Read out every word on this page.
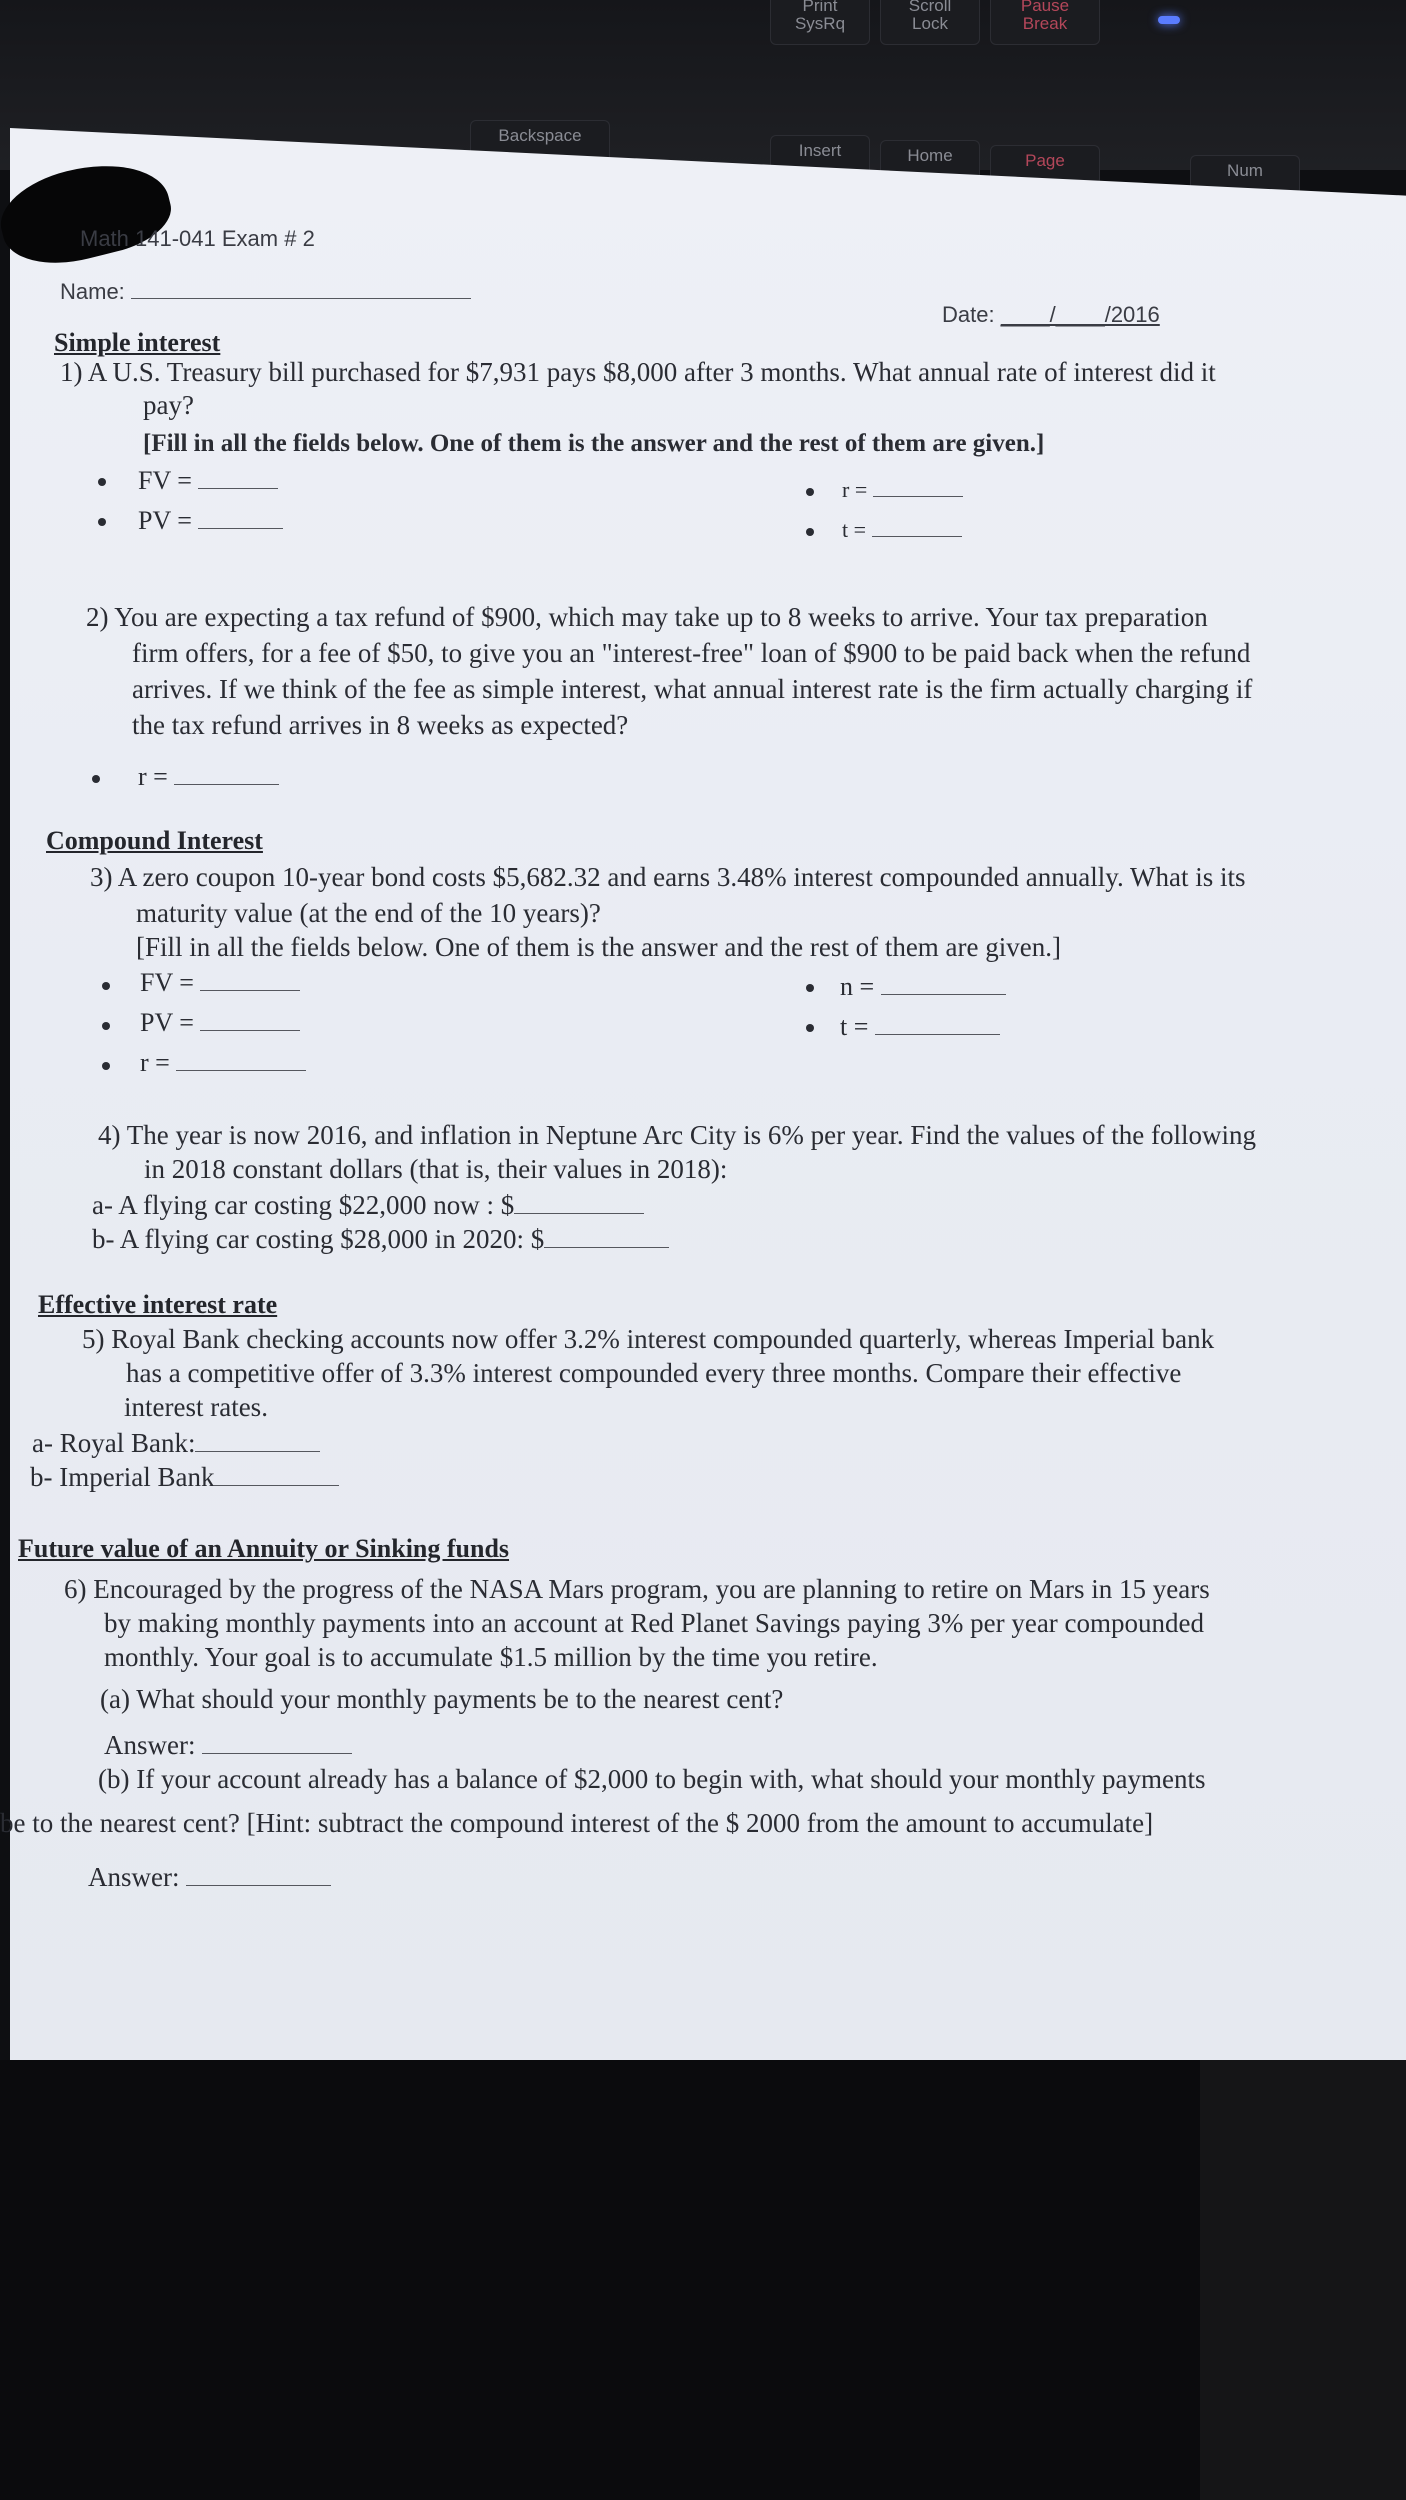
Print
SysRq
Scroll
Lock
Pause
Break
Backspace
Insert	Home	Page
Num
Math 141-041 Exam # 2
Name:
Date: ____/____/2016
Simple interest
1) A U.S. Treasury bill purchased for $7,931 pays $8,000 after 3 months. What annual rate of interest did it
pay?
[Fill in all the fields below. One of them is the answer and the rest of them are given.]
FV =
PV =
r =
t =
2) You are expecting a tax refund of $900, which may take up to 8 weeks to arrive. Your tax preparation
firm offers, for a fee of $50, to give you an "interest-free" loan of $900 to be paid back when the refund
arrives. If we think of the fee as simple interest, what annual interest rate is the firm actually charging if
the tax refund arrives in 8 weeks as expected?
r =
Compound Interest
3) A zero coupon 10-year bond costs $5,682.32 and earns 3.48% interest compounded annually. What is its
maturity value (at the end of the 10 years)?
[Fill in all the fields below. One of them is the answer and the rest of them are given.]
FV =
PV =
r =
n =
t =
4) The year is now 2016, and inflation in Neptune Arc City is 6% per year. Find the values of the following
in 2018 constant dollars (that is, their values in 2018):
a- A flying car costing $22,000 now : $
b- A flying car costing $28,000 in 2020: $
Effective interest rate
5) Royal Bank checking accounts now offer 3.2% interest compounded quarterly, whereas Imperial bank
has a competitive offer of 3.3% interest compounded every three months. Compare their effective
interest rates.
a- Royal Bank:
b- Imperial Bank
Future value of an Annuity or Sinking funds
6) Encouraged by the progress of the NASA Mars program, you are planning to retire on Mars in 15 years
by making monthly payments into an account at Red Planet Savings paying 3% per year compounded
monthly. Your goal is to accumulate $1.5 million by the time you retire.
(a) What should your monthly payments be to the nearest cent?
Answer:
(b) If your account already has a balance of $2,000 to begin with, what should your monthly payments
be to the nearest cent? [Hint: subtract the compound interest of the $ 2000 from the amount to accumulate]
Answer:
